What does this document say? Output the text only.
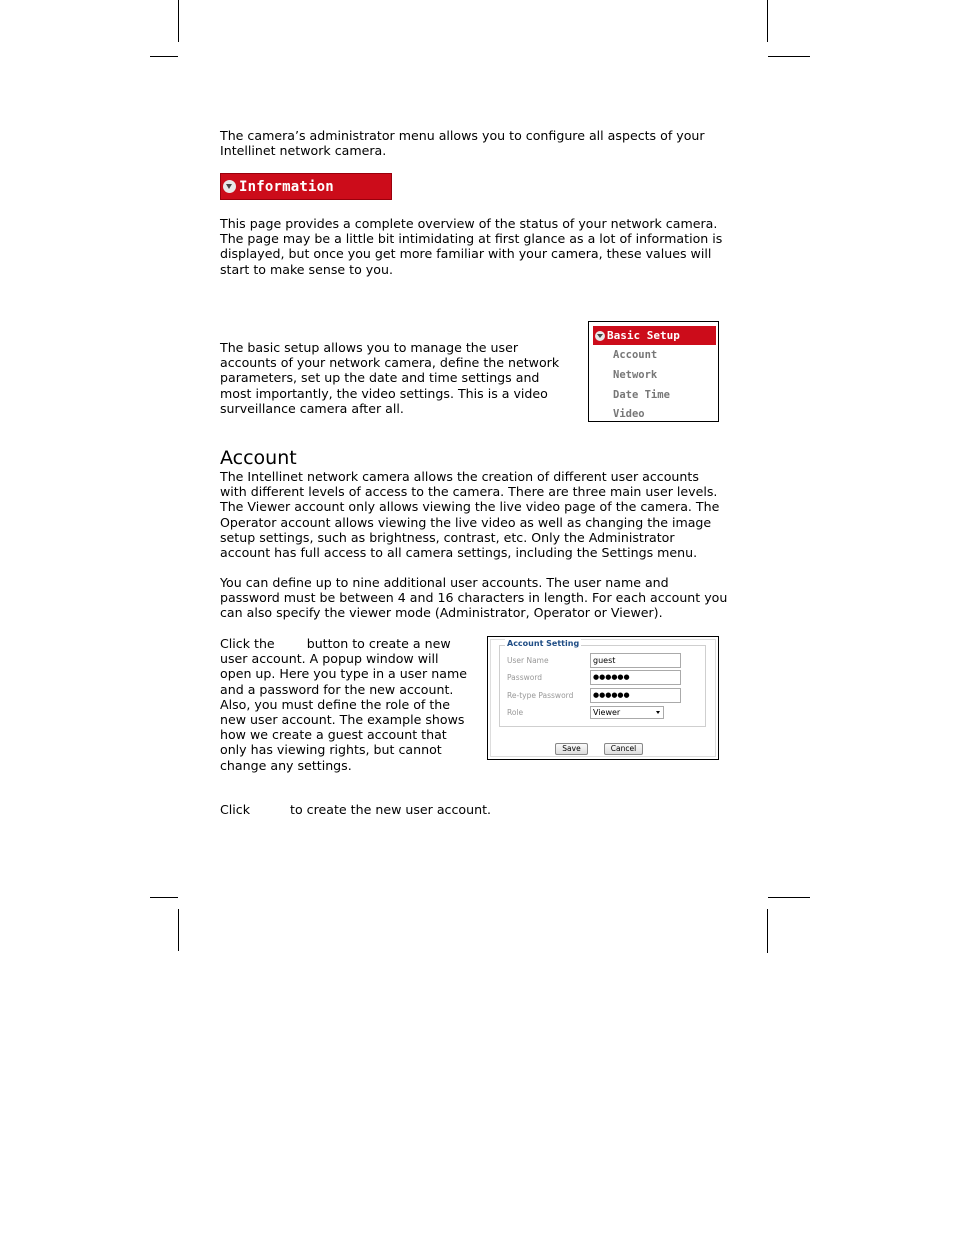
The camera’s administrator menu allows you to configure all aspects of your Intellinet network camera.

Information

This page provides a complete overview of the status of your network camera. The page may be a little bit intimidating at first glance as a lot of information is displayed, but once you get more familiar with your camera, these values will start to make sense to you.

The basic setup allows you to manage the user accounts of your network camera, define the network parameters, set up the date and time settings and most importantly, the video settings. This is a video surveillance camera after all.

Basic Setup
Account
Network
Date Time
Video
Account

The Intellinet network camera allows the creation of different user accounts with different levels of access to the camera. There are three main user levels. The Viewer account only allows viewing the live video page of the camera. The Operator account allows viewing the live video as well as changing the image setup settings, such as brightness, contrast, etc. Only the Administrator account has full access to all camera settings, including the Settings menu.

You can define up to nine additional user accounts. The user name and password must be between 4 and 16 characters in length. For each account you can also specify the viewer mode (Administrator, Operator or Viewer).

Click the        button to create a new user account. A popup window will open up. Here you type in a user name and a password for the new account. Also, you must define the role of the new user account. The example shows how we create a guest account that only has viewing rights, but cannot change any settings.

Account Setting
User Name	guest
Password	●●●●●●
Re-type Password	●●●●●●
Role	Viewer
Save	Cancel

Click          to create the new user account.
